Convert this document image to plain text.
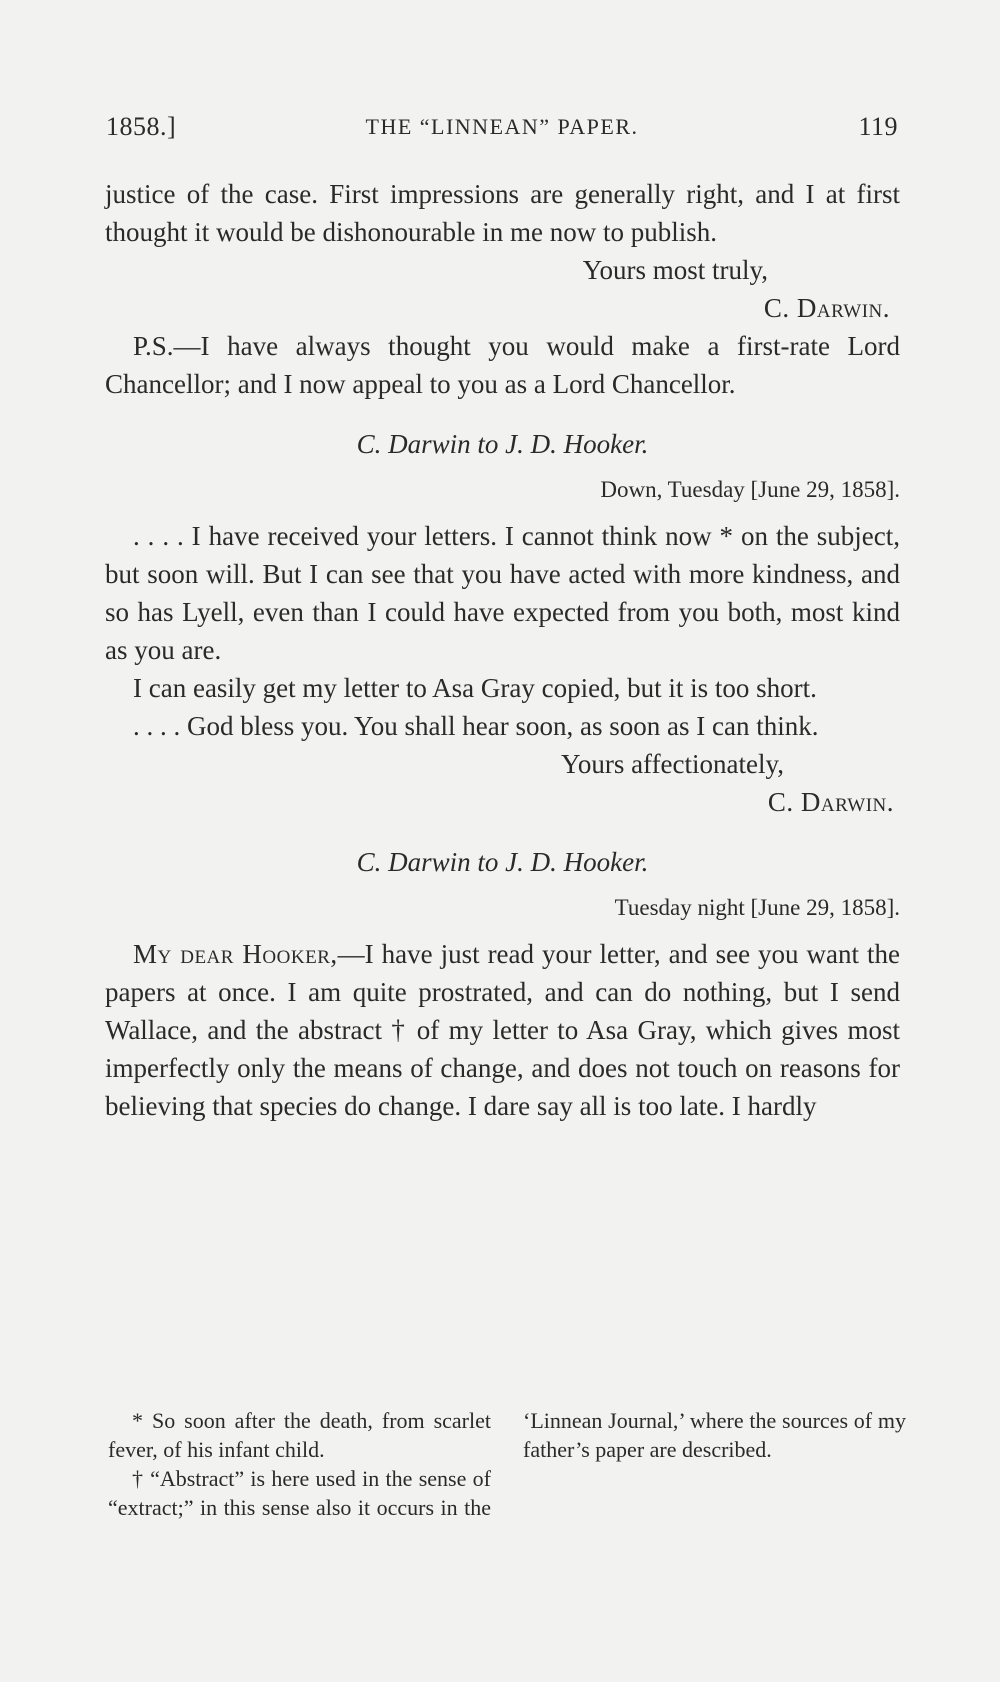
1858.]	THE “LINNEAN” PAPER.	119

justice of the case. First impressions are generally right, and I at first thought it would be dishonourable in me now to publish.

Yours most truly,

C. Darwin.

P.S.—I have always thought you would make a first-rate Lord Chancellor; and I now appeal to you as a Lord Chancellor.

C. Darwin to J. D. Hooker.

Down, Tuesday [June 29, 1858].

. . . . I have received your letters. I cannot think now * on the subject, but soon will. But I can see that you have acted with more kindness, and so has Lyell, even than I could have expected from you both, most kind as you are.

I can easily get my letter to Asa Gray copied, but it is too short.

. . . . God bless you. You shall hear soon, as soon as I can think.

Yours affectionately,

C. Darwin.

C. Darwin to J. D. Hooker.

Tuesday night [June 29, 1858].

My dear Hooker,—I have just read your letter, and see you want the papers at once. I am quite prostrated, and can do nothing, but I send Wallace, and the abstract † of my letter to Asa Gray, which gives most imperfectly only the means of change, and does not touch on reasons for believing that species do change. I dare say all is too late. I hardly

* So soon after the death, from scarlet fever, of his infant child.

† “Abstract” is here used in the sense of “extract;” in this sense also it occurs in the ‘Linnean Journal,’ where the sources of my father’s paper are described.
